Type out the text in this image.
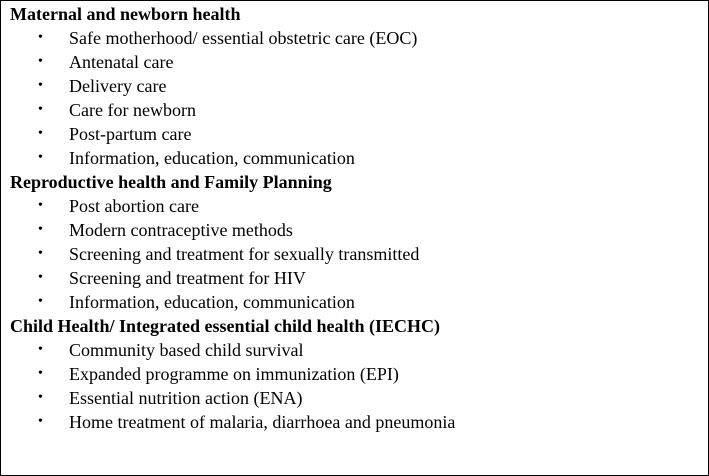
Maternal and newborn health
• Safe motherhood/ essential obstetric care (EOC)
• Antenatal care
• Delivery care
• Care for newborn
• Post-partum care
• Information, education, communication
Reproductive health and Family Planning
• Post abortion care
• Modern contraceptive methods
• Screening and treatment for sexually transmitted
• Screening and treatment for HIV
• Information, education, communication
Child Health/ Integrated essential child health (IECHC)
• Community based child survival
• Expanded programme on immunization (EPI)
• Essential nutrition action (ENA)
• Home treatment of malaria, diarrhoea and pneumonia
